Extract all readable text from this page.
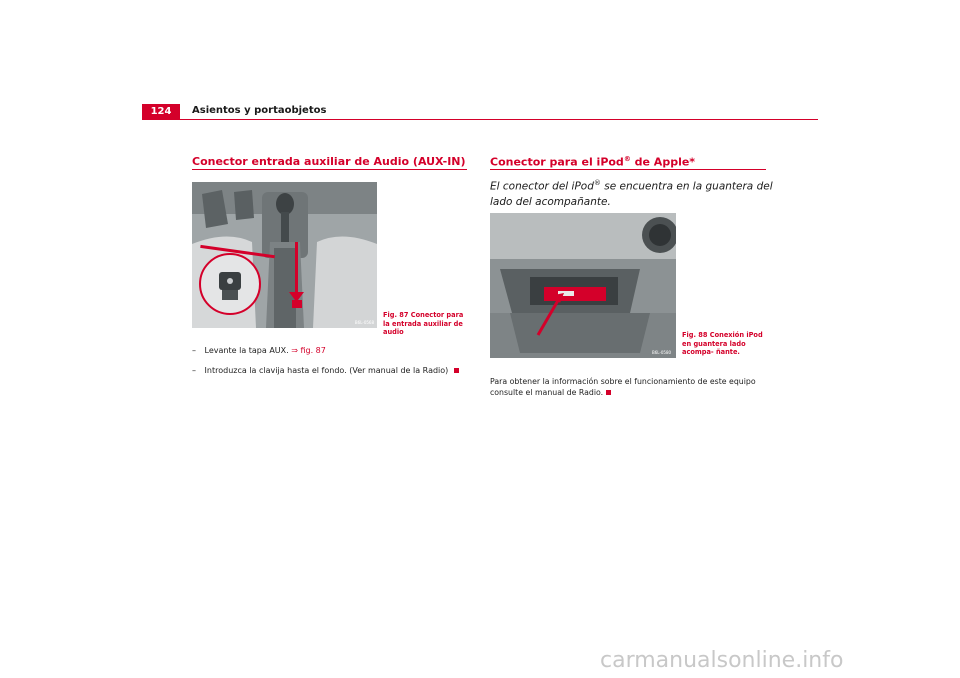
124	Asientos y portaobjetos
Conector entrada auxiliar de Audio (AUX-IN)
B6L-0568
Fig. 87 Conector para la entrada auxiliar de audio
– Levante la tapa AUX. ⇒ fig. 87
– Introduzca la clavija hasta el fondo. (Ver manual de la Radio)
Conector para el iPod® de Apple*
El conector del iPod® se encuentra en la guantera del lado del acompañante.
B6L-0580
Fig. 88 Conexión iPod en guantera lado acompa- ñante.
Para obtener la información sobre el funcionamiento de este equipo consulte el manual de Radio.
carmanualsonline.info
